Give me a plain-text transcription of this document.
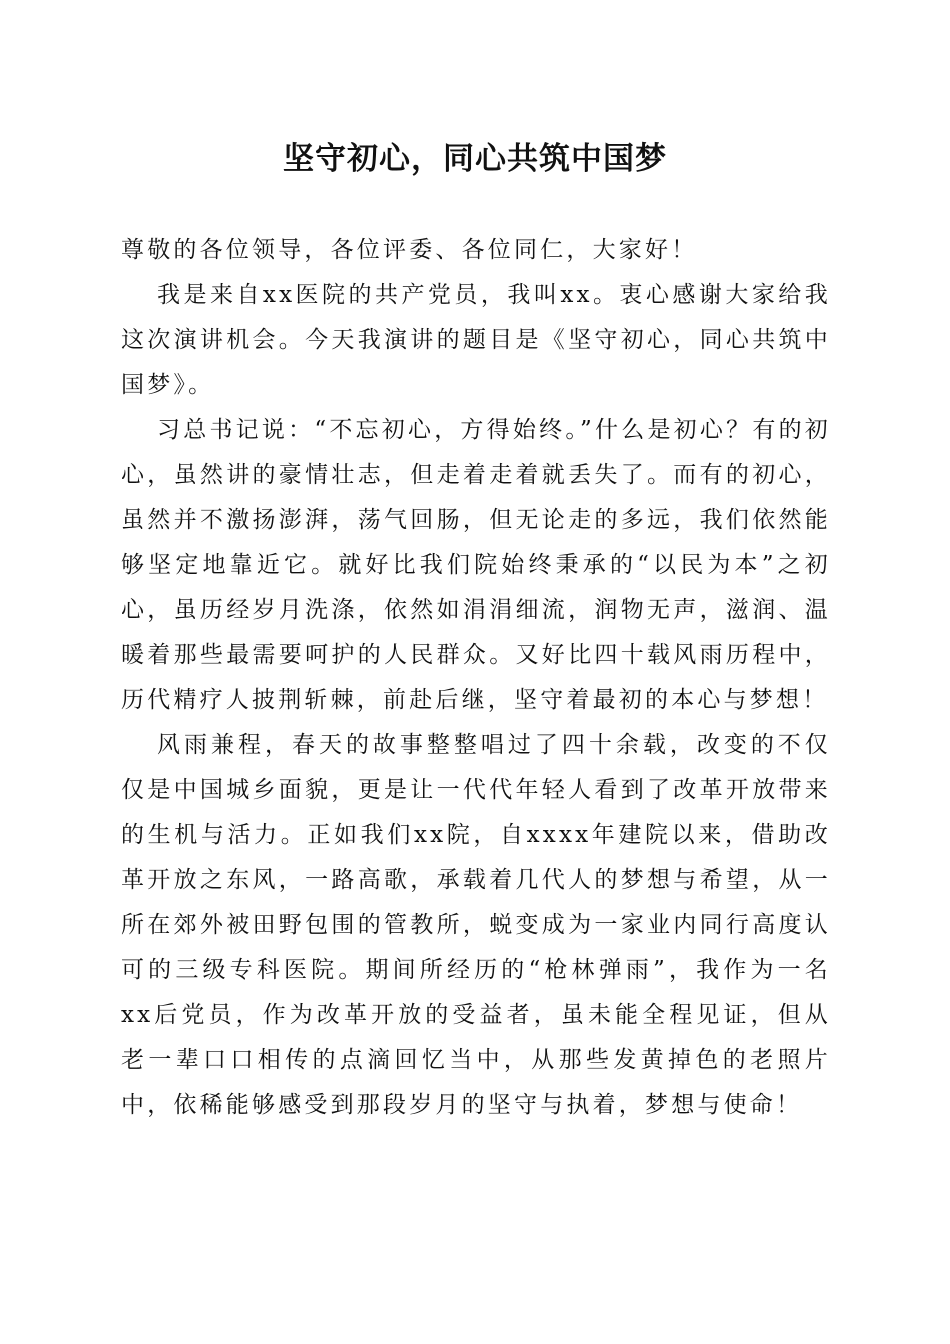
坚守初心，同心共筑中国梦

尊敬的各位领导，各位评委、各位同仁，大家好！

我是来自xx医院的共产党员，我叫xx。衷心感谢大家给我这次演讲机会。今天我演讲的题目是《坚守初心，同心共筑中国梦》。

习总书记说：“不忘初心，方得始终。”什么是初心？有的初心，虽然讲的豪情壮志，但走着走着就丢失了。而有的初心，虽然并不激扬澎湃，荡气回肠，但无论走的多远，我们依然能够坚定地靠近它。就好比我们院始终秉承的“以民为本”之初心，虽历经岁月洗涤，依然如涓涓细流，润物无声，滋润、温暖着那些最需要呵护的人民群众。又好比四十载风雨历程中，历代精疗人披荆斩棘，前赴后继，坚守着最初的本心与梦想！

风雨兼程，春天的故事整整唱过了四十余载，改变的不仅仅是中国城乡面貌，更是让一代代年轻人看到了改革开放带来的生机与活力。正如我们xx院，自xxxx年建院以来，借助改革开放之东风，一路高歌，承载着几代人的梦想与希望，从一所在郊外被田野包围的管教所，蜕变成为一家业内同行高度认可的三级专科医院。期间所经历的“枪林弹雨”，我作为一名xx后党员，作为改革开放的受益者，虽未能全程见证，但从老一辈口口相传的点滴回忆当中，从那些发黄掉色的老照片中，依稀能够感受到那段岁月的坚守与执着，梦想与使命！
